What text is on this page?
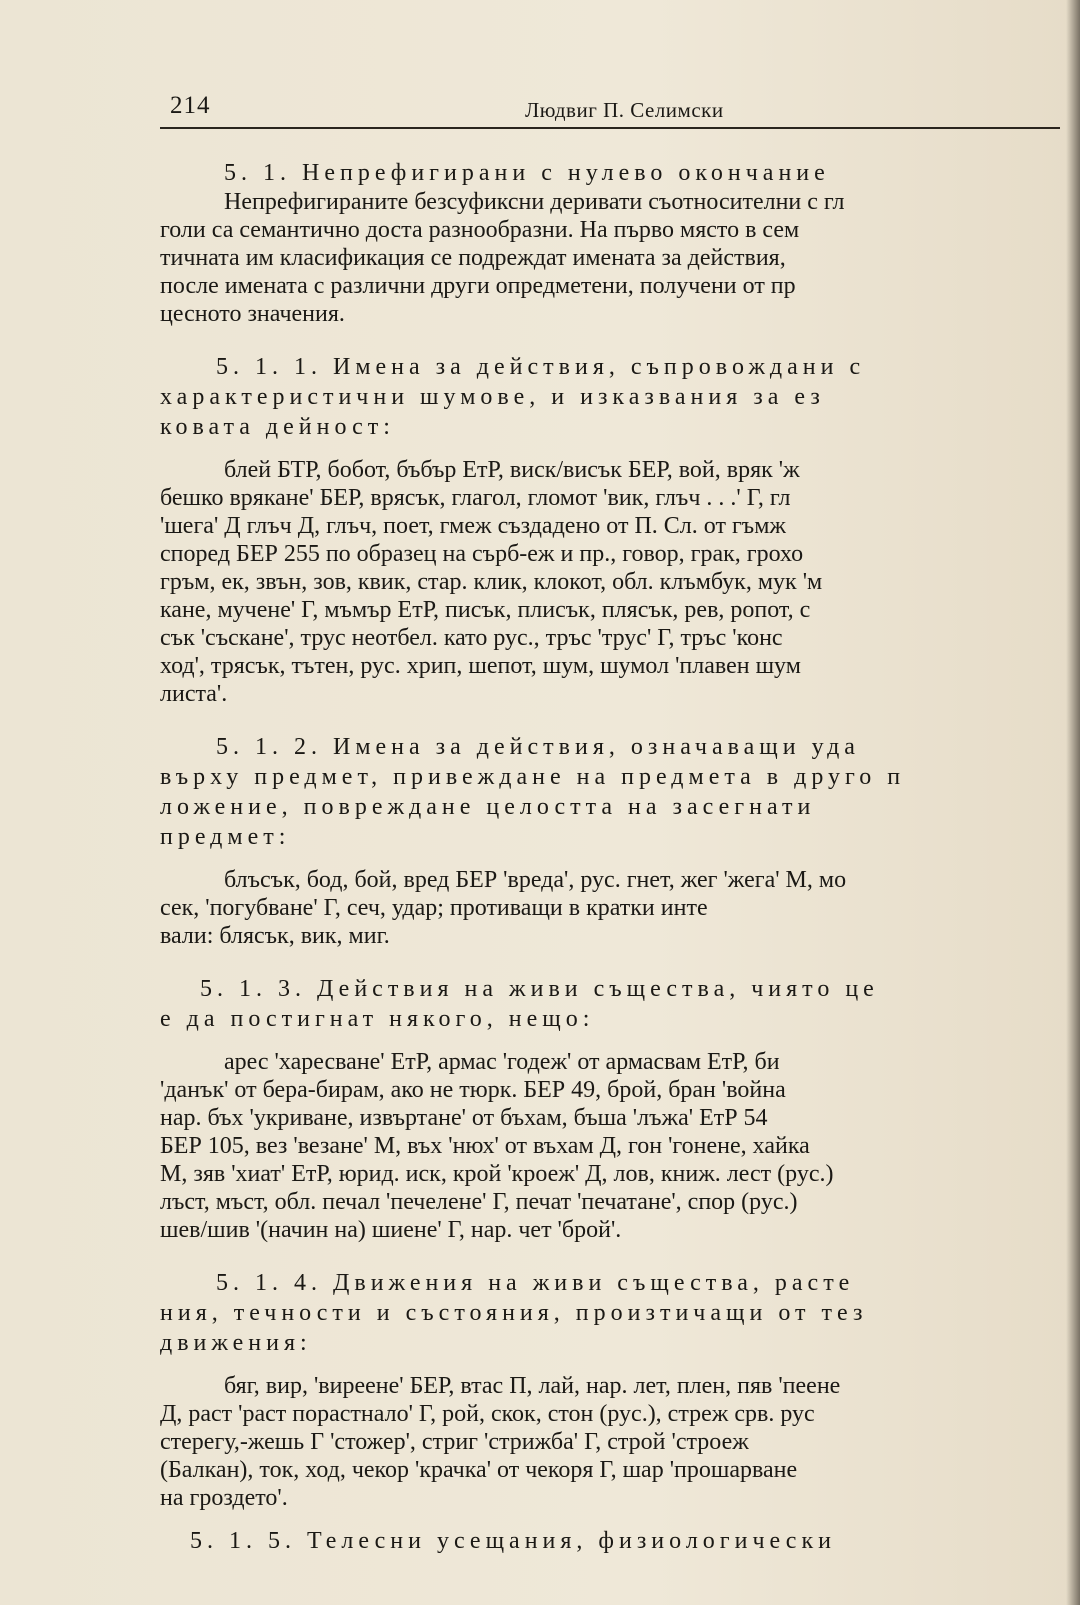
214	Людвиг П. Селимски

5. 1. Непрефигирани с нулево окончание

Непрефигираните безсуфиксни деривати съотносителни с гл
голи са семантично доста разнообразни. На първо място в сем
тичната им класификация се подреждат имената за действия,
после имената с различни други опредметени, получени от пр
цесното значения.

5. 1. 1. Имена за действия, съпровождани с

характеристични шумове, и изказвания за ез

ковата дейност:

блей БТР, бобот, бъбър ЕтР, виск/висък БЕР, вой, вряк 'ж
бешко вряканe' БЕР, врясък, глагол, гломот 'вик, глъч . . .' Г, гл
'шега' Д глъч Д, глъч, поет, гмеж създадено от П. Сл. от гъмж
според БЕР 255 по образец на сърб-еж и пр., говор, грак, грохо
гръм, ек, звън, зов, квик, стар. клик, клокот, обл. клъмбук, мук 'м
кане, мучене' Г, мъмър ЕтР, писък, плисък, плясък, рев, ропот, с
сък 'съскане', трус неотбел. като рус., тръс 'трус' Г, тръс 'конс
ход', трясък, тътен, рус. хрип, шепот, шум, шумол 'плавен шум
листа'.

5. 1. 2. Имена за действия, означаващи уда

върху предмет, привеждане на предмета в друго п

ложение, повреждане целостта на засегнати

предмет:

блъсък, бод, бой, вред БЕР 'вреда', рус. гнет, жег 'жега' М, мо
сек, 'погубване' Г, сеч, удар; противащи в кратки инте
вали: блясък, вик, миг.

5. 1. 3. Действия на живи същества, чиято це

е да постигнат някого, нещо:

арес 'харесване' ЕтР, армас 'годеж' от армасвам ЕтР, би
'данък' от бера-бирам, ако не тюрк. БЕР 49, брой, бран 'война
нар. бъх 'укриване, извъртане' от бъхам, бъша 'лъжа' ЕтР 54
БЕР 105, вез 'везане' М, въх 'нюх' от въхам Д, гон 'гонене, хайка
М, зяв 'хиат' ЕтР, юрид. иск, крой 'кроеж' Д, лов, книж. лест (рус.)
лъст, мъст, обл. печал 'печелене' Г, печат 'печатане', спор (рус.)
шев/шив '(начин на) шиене' Г, нар. чет 'брой'.

5. 1. 4. Движения на живи същества, расте

ния, течности и състояния, произтичащи от тез

движения:

бяг, вир, 'вирeене' БЕР, втас П, лай, нар. лет, плен, пяв 'пеене
Д, раст 'раст порастнало' Г, рой, скок, стон (рус.), стреж срв. рус
стерегу,-жешь Г 'стожер', стриг 'стрижба' Г, строй 'строеж
(Балкан), ток, ход, чекор 'крачка' от чекоря Г, шар 'прошарване
на гроздето'.

5. 1. 5. Телесни усещания, физиологически
